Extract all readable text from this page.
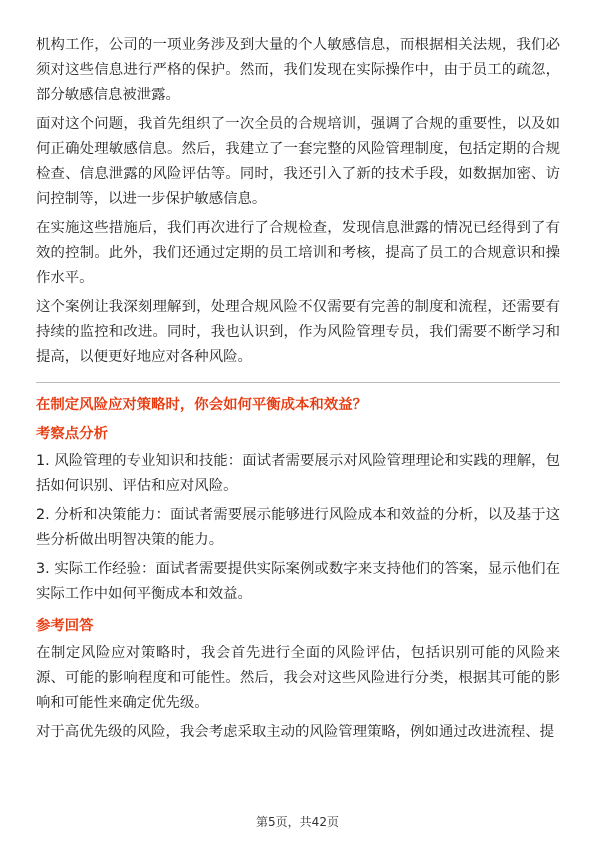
机构工作，公司的一项业务涉及到大量的个人敏感信息，而根据相关法规，我们必须对这些信息进行严格的保护。然而，我们发现在实际操作中，由于员工的疏忽，部分敏感信息被泄露。

面对这个问题，我首先组织了一次全员的合规培训，强调了合规的重要性，以及如何正确处理敏感信息。然后，我建立了一套完整的风险管理制度，包括定期的合规检查、信息泄露的风险评估等。同时，我还引入了新的技术手段，如数据加密、访问控制等，以进一步保护敏感信息。

在实施这些措施后，我们再次进行了合规检查，发现信息泄露的情况已经得到了有效的控制。此外，我们还通过定期的员工培训和考核，提高了员工的合规意识和操作水平。

这个案例让我深刻理解到，处理合规风险不仅需要有完善的制度和流程，还需要有持续的监控和改进。同时，我也认识到，作为风险管理专员，我们需要不断学习和提高，以便更好地应对各种风险。

在制定风险应对策略时，你会如何平衡成本和效益？
考察点分析

1. 风险管理的专业知识和技能：面试者需要展示对风险管理理论和实践的理解，包括如何识别、评估和应对风险。

2. 分析和决策能力：面试者需要展示能够进行风险成本和效益的分析，以及基于这些分析做出明智决策的能力。

3. 实际工作经验：面试者需要提供实际案例或数字来支持他们的答案，显示他们在实际工作中如何平衡成本和效益。

参考回答

在制定风险应对策略时，我会首先进行全面的风险评估，包括识别可能的风险来源、可能的影响程度和可能性。然后，我会对这些风险进行分类，根据其可能的影响和可能性来确定优先级。

对于高优先级的风险，我会考虑采取主动的风险管理策略，例如通过改进流程、提

第5页，共42页
